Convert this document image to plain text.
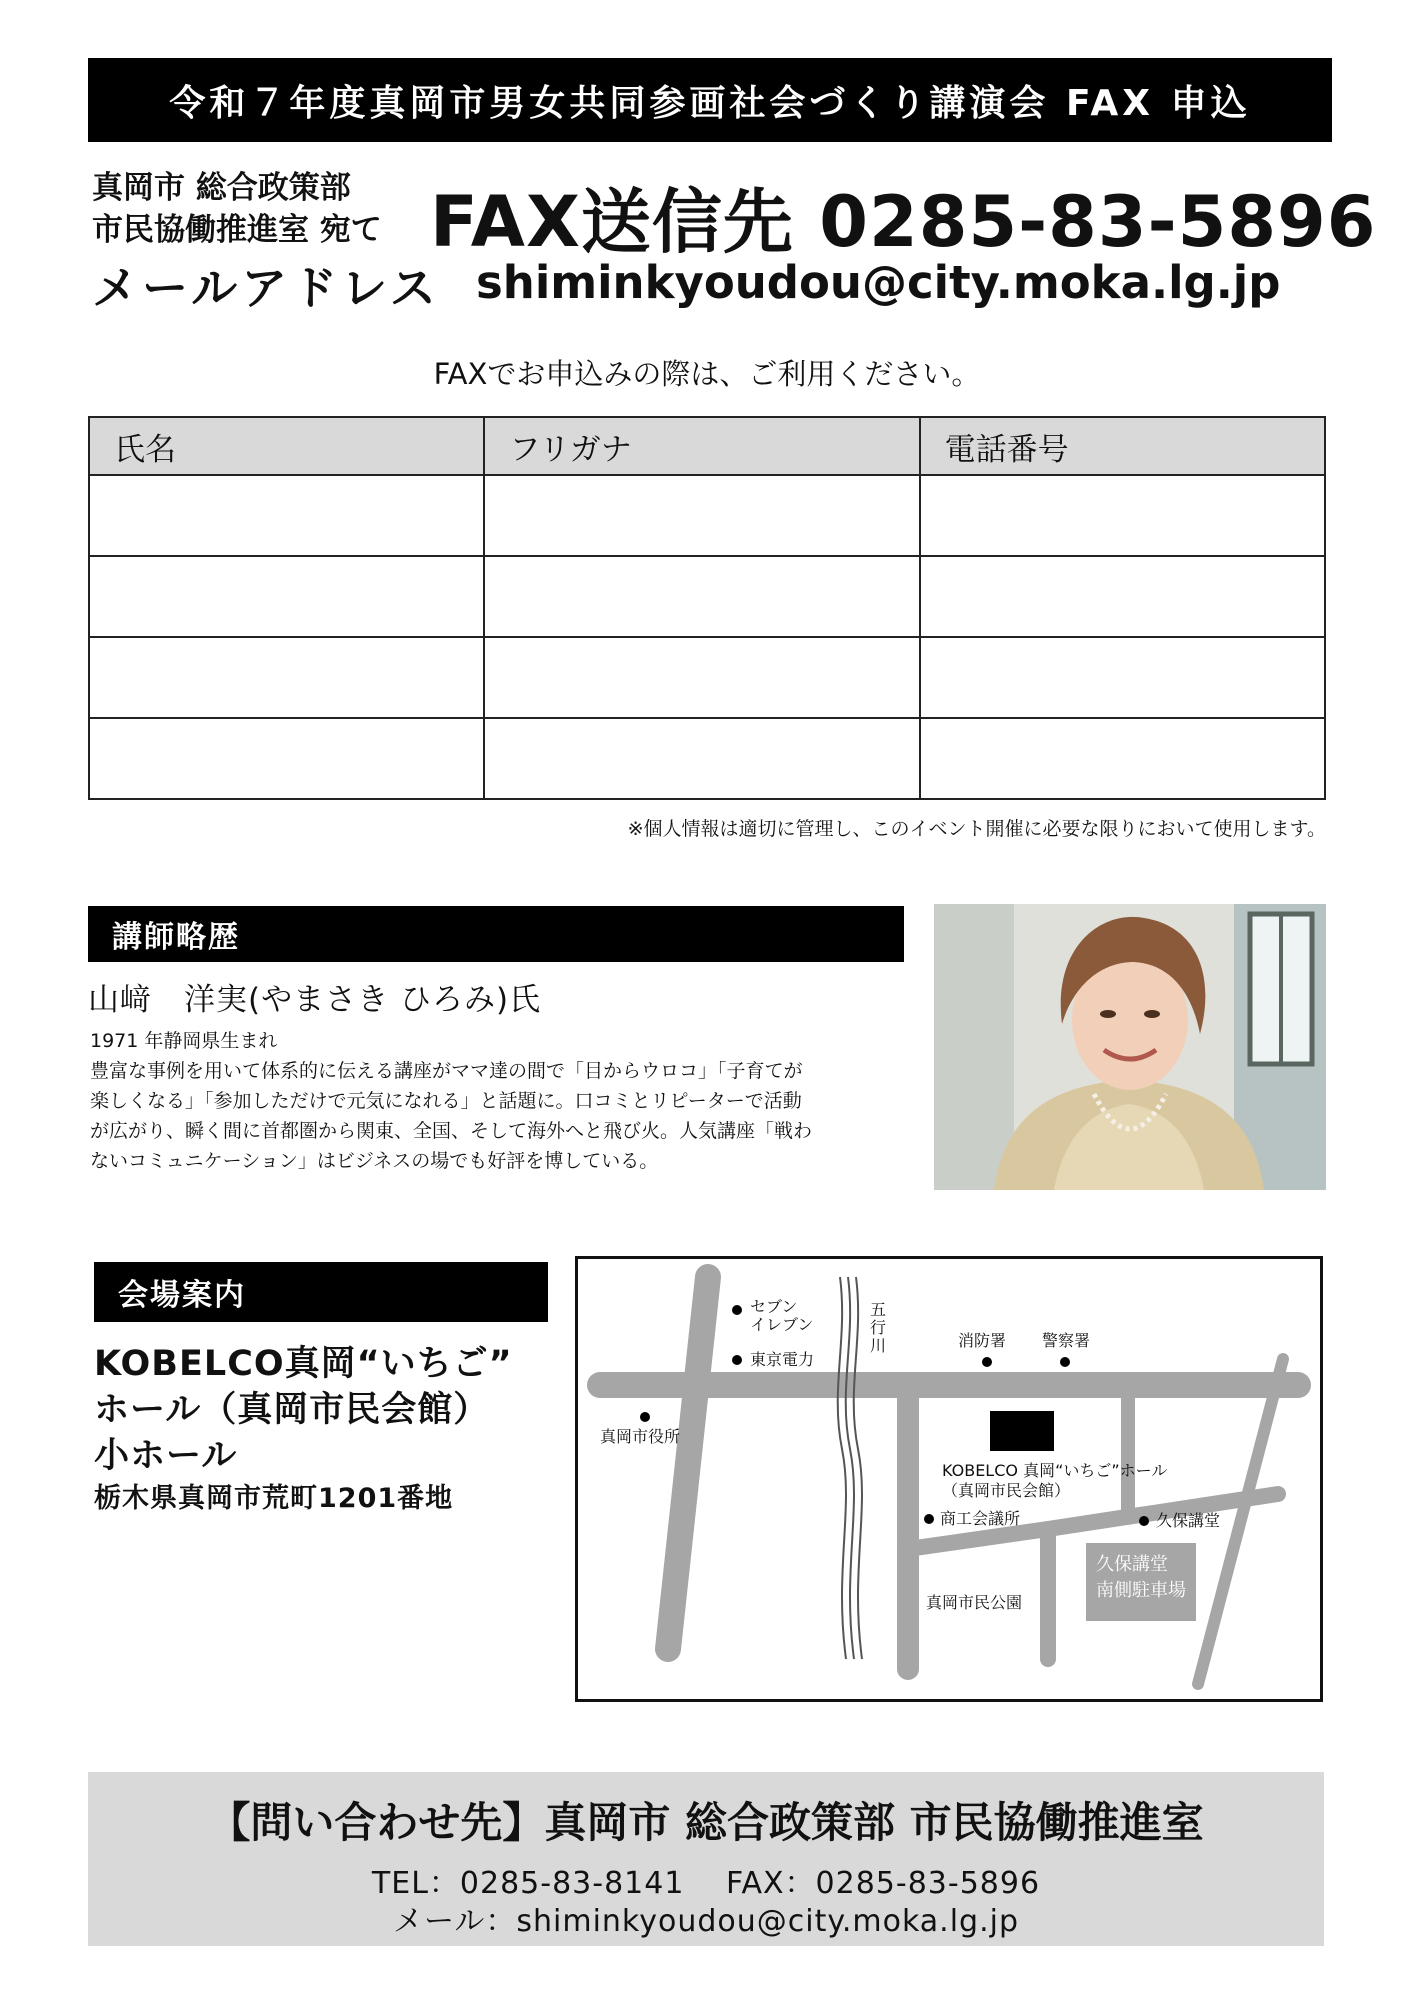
令和７年度真岡市男女共同参画社会づくり講演会 FAX 申込
真岡市 総合政策部
市民協働推進室 宛て FAX送信先 0285-83-5896
メールアドレス shiminkyoudou@city.moka.lg.jp
FAXでお申込みの際は、ご利用ください。
氏名	フリガナ	電話番号

※個人情報は適切に管理し、このイベント開催に必要な限りにおいて使用します。
講師略歴
山﨑　洋実(やまさき ひろみ)氏

1971 年静岡県生まれ

豊富な事例を用いて体系的に伝える講座がママ達の間で「目からウロコ」「子育てが

楽しくなる」「参加しただけで元気になれる」と話題に。口コミとリピーターで活動

が広がり、瞬く間に首都圏から関東、全国、そして海外へと飛び火。人気講座「戦わ

ないコミュニケーション」はビジネスの場でも好評を博している。

会場案内
KOBELCO真岡“いちご”
ホール（真岡市民会館）
小ホール
栃木県真岡市荒町1201番地
セブン
イレブン
東京電力
五
行
川	消防署 警察署
真岡市役所
KOBELCO 真岡“いちご”ホール
（真岡市民会館）
商工会議所	久保講堂
久保講堂
南側駐車場
真岡市民公園
【問い合わせ先】真岡市 総合政策部 市民協働推進室
TEL：0285-83-8141　 FAX：0285-83-5896
メール：shiminkyoudou@city.moka.lg.jp
